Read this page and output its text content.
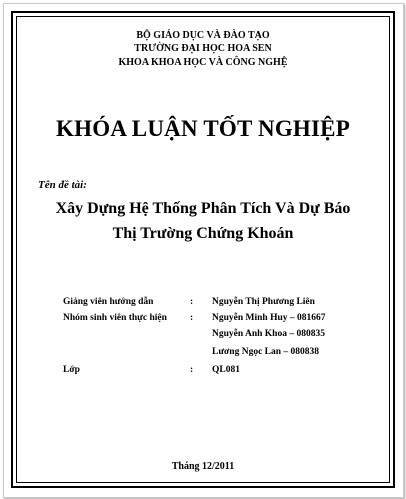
BỘ GIÁO DỤC VÀ ĐÀO TẠO
TRƯỜNG ĐẠI HỌC HOA SEN
KHOA KHOA HỌC VÀ CÔNG NGHỆ
KHÓA LUẬN TỐT NGHIỆP
Tên đề tài:
Xây Dựng Hệ Thống Phân Tích Và Dự Báo
Thị Trường Chứng Khoán
Giảng viên hướng dẫn	: Nguyễn Thị Phương Liên
Nhóm sinh viên thực hiện : Nguyễn Minh Huy – 081667
Nguyễn Anh Khoa – 080835
Lương Ngọc Lan – 080838
Lớp	: QL081
Tháng 12/2011
